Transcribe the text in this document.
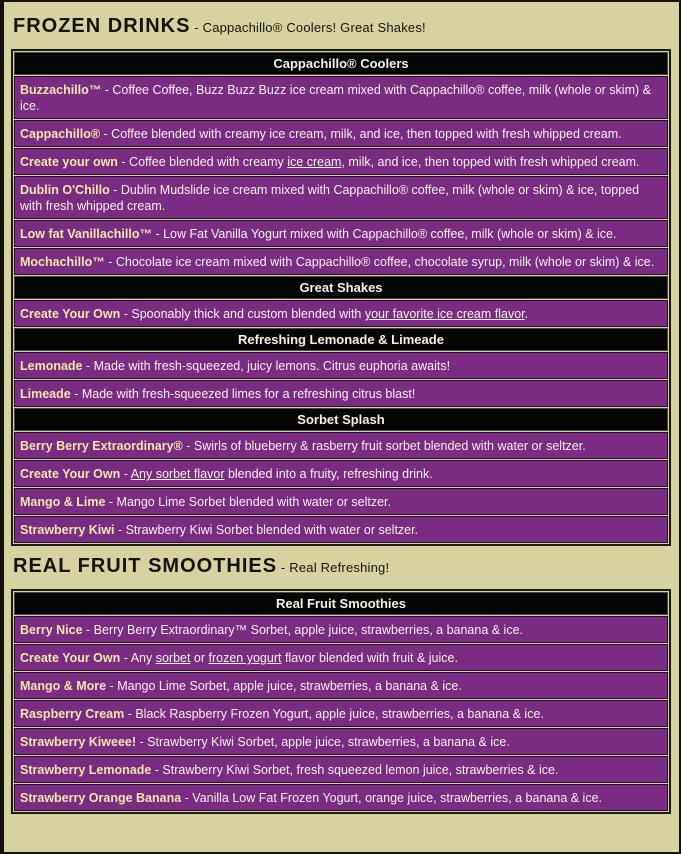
FROZEN DRINKS - Cappachillo® Coolers! Great Shakes!
Cappachillo® Coolers
Buzzachillo™ - Coffee Coffee, Buzz Buzz Buzz ice cream mixed with Cappachillo® coffee, milk (whole or skim) & ice.
Cappachillo® - Coffee blended with creamy ice cream, milk, and ice, then topped with fresh whipped cream.
Create your own - Coffee blended with creamy ice cream, milk, and ice, then topped with fresh whipped cream.
Dublin O'Chillo - Dublin Mudslide ice cream mixed with Cappachillo® coffee, milk (whole or skim) & ice, topped with fresh whipped cream.
Low fat Vanillachillo™ - Low Fat Vanilla Yogurt mixed with Cappachillo® coffee, milk (whole or skim) & ice.
Mochachillo™ - Chocolate ice cream mixed with Cappachillo® coffee, chocolate syrup, milk (whole or skim) & ice.
Great Shakes
Create Your Own - Spoonably thick and custom blended with your favorite ice cream flavor.
Refreshing Lemonade & Limeade
Lemonade - Made with fresh-squeezed, juicy lemons. Citrus euphoria awaits!
Limeade - Made with fresh-squeezed limes for a refreshing citrus blast!
Sorbet Splash
Berry Berry Extraordinary® - Swirls of blueberry & rasberry fruit sorbet blended with water or seltzer.
Create Your Own - Any sorbet flavor blended into a fruity, refreshing drink.
Mango & Lime - Mango Lime Sorbet blended with water or seltzer.
Strawberry Kiwi - Strawberry Kiwi Sorbet blended with water or seltzer.
REAL FRUIT SMOOTHIES - Real Refreshing!
Real Fruit Smoothies
Berry Nice - Berry Berry Extraordinary™ Sorbet, apple juice, strawberries, a banana & ice.
Create Your Own - Any sorbet or frozen yogurt flavor blended with fruit & juice.
Mango & More - Mango Lime Sorbet, apple juice, strawberries, a banana & ice.
Raspberry Cream - Black Raspberry Frozen Yogurt, apple juice, strawberries, a banana & ice.
Strawberry Kiweee! - Strawberry Kiwi Sorbet, apple juice, strawberries, a banana & ice.
Strawberry Lemonade - Strawberry Kiwi Sorbet, fresh squeezed lemon juice, strawberries & ice.
Strawberry Orange Banana - Vanilla Low Fat Frozen Yogurt, orange juice, strawberries, a banana & ice.
